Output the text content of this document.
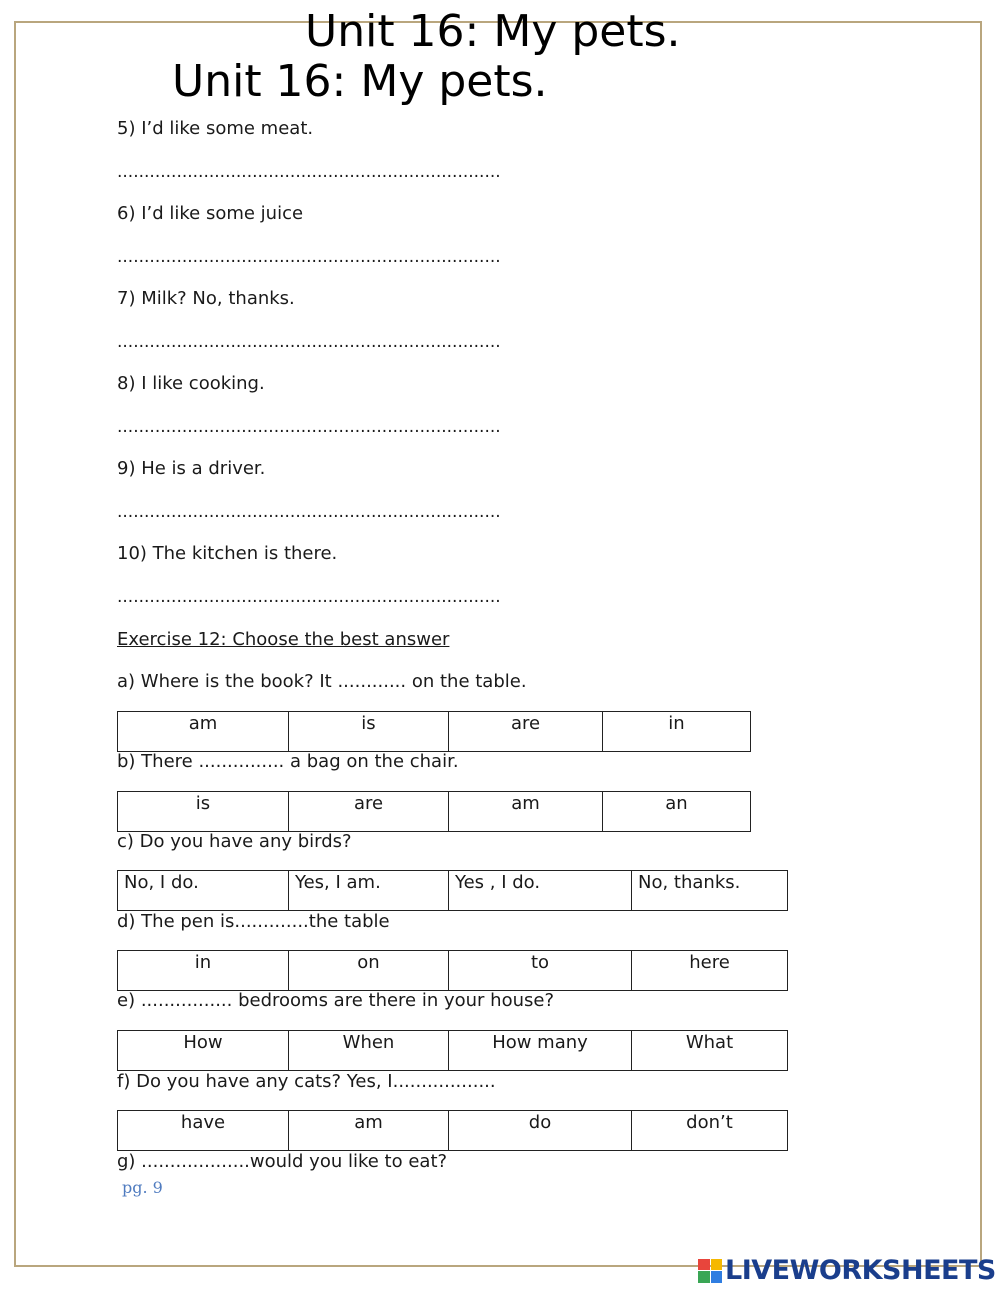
Unit 16: My pets.
Unit 16: My pets.
5) I’d like some meat.
.......................................................................
6) I’d like some juice
.......................................................................
7) Milk? No, thanks.
.......................................................................
8) I like cooking.
.......................................................................
9) He is a driver.
.......................................................................
10) The kitchen is there.
.......................................................................
Exercise 12: Choose the best answer
a) Where is the book? It ............ on the table.
am	is	are	in
b) There ............... a bag on the chair.
is	are	am	an
c) Do you have any birds?
No, I do.	Yes, I am.	Yes , I do.	No, thanks.
d) The pen is.............the table
in	on	to	here
e) ................ bedrooms are there in your house?
How	When	How many	What
f) Do you have any cats? Yes, I..................
have	am	do	don’t
g) ...................would you like to eat?
pg. 9
LIVEWORKSHEETS
